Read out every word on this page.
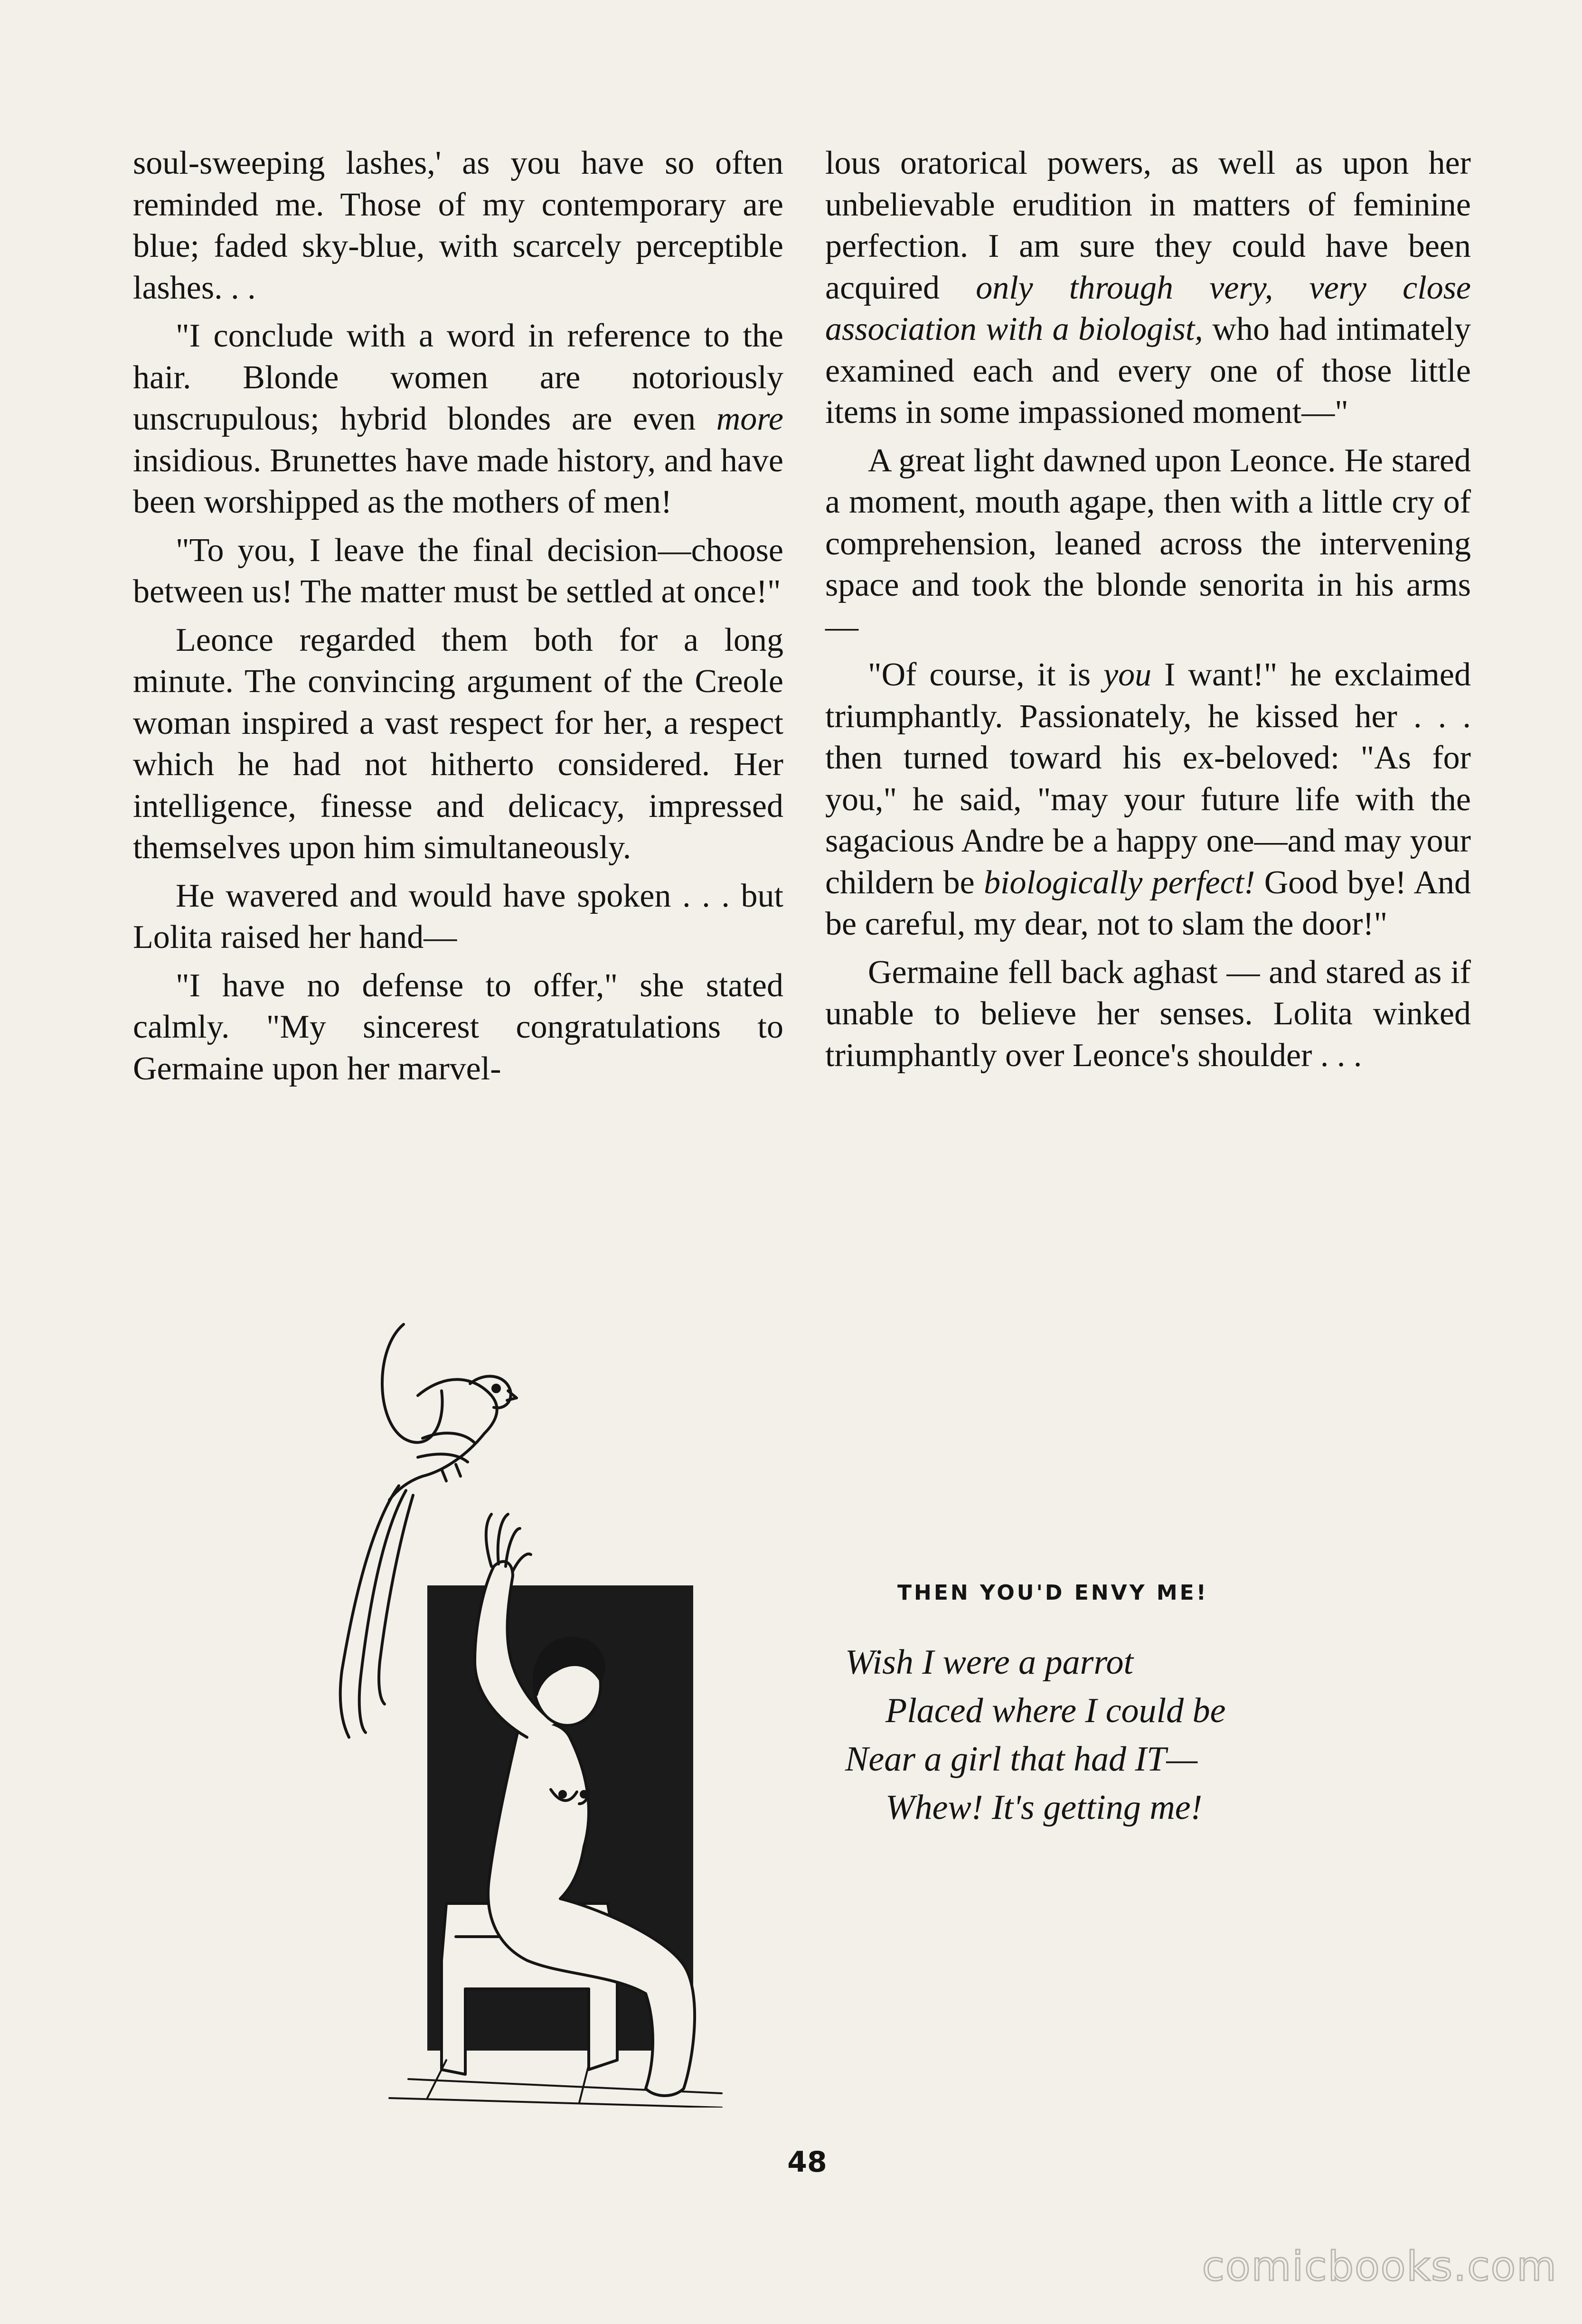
soul-sweeping lashes,' as you have so often reminded me. Those of my contemporary are blue; faded sky-blue, with scarcely perceptible lashes. . .

"I conclude with a word in reference to the hair. Blonde women are notoriously unscrupulous; hybrid blondes are even more insidious. Brunettes have made history, and have been worshipped as the mothers of men!

"To you, I leave the final decision—choose between us! The matter must be settled at once!"

Leonce regarded them both for a long minute. The convincing argument of the Creole woman inspired a vast respect for her, a respect which he had not hitherto considered. Her intelligence, finesse and delicacy, impressed themselves upon him simultaneously.

He wavered and would have spoken . . . but Lolita raised her hand—

"I have no defense to offer," she stated calmly. "My sincerest congratulations to Germaine upon her marvel-

lous oratorical powers, as well as upon her unbelievable erudition in matters of feminine perfection. I am sure they could have been acquired only through very, very close association with a biologist, who had intimately examined each and every one of those little items in some impassioned moment—"

A great light dawned upon Leonce. He stared a moment, mouth agape, then with a little cry of comprehension, leaned across the intervening space and took the blonde senorita in his arms—

"Of course, it is you I want!" he exclaimed triumphantly. Passionately, he kissed her . . . then turned toward his ex-beloved: "As for you," he said, "may your future life with the sagacious Andre be a happy one—and may your childern be biologically perfect! Good bye! And be careful, my dear, not to slam the door!"

Germaine fell back aghast — and stared as if unable to believe her senses. Lolita winked triumphantly over Leonce's shoulder . . .

THEN YOU'D ENVY ME!
Wish I were a parrot
Placed where I could be
Near a girl that had IT—
Whew! It's getting me!
48
comicbooks.com
